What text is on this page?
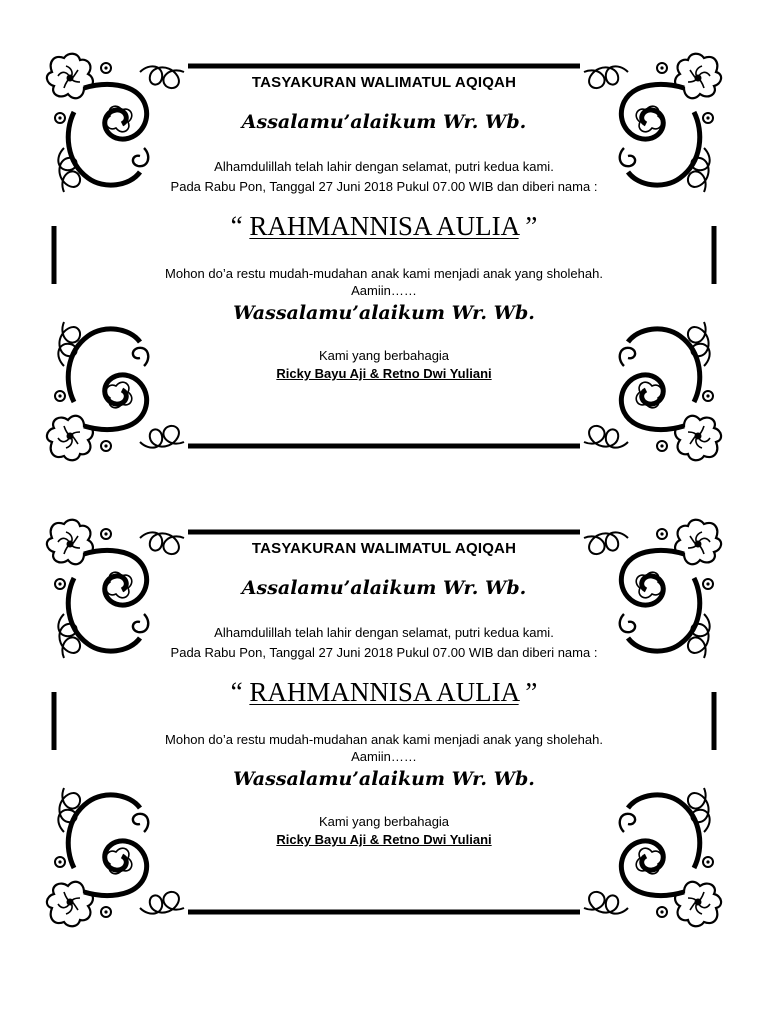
TASYAKURAN WALIMATUL AQIQAH
Assalamu’alaikum Wr. Wb.
Alhamdulillah telah lahir dengan selamat, putri kedua kami.
Pada Rabu Pon, Tanggal 27 Juni 2018 Pukul 07.00 WIB dan diberi nama :
“ RAHMANNISA AULIA ”
Mohon do’a restu mudah-mudahan anak kami menjadi anak yang sholehah.
Aamiin……
Wassalamu’alaikum Wr. Wb.
Kami yang berbahagia
Ricky Bayu Aji & Retno Dwi Yuliani
TASYAKURAN WALIMATUL AQIQAH
Assalamu’alaikum Wr. Wb.
Alhamdulillah telah lahir dengan selamat, putri kedua kami.
Pada Rabu Pon, Tanggal 27 Juni 2018 Pukul 07.00 WIB dan diberi nama :
“ RAHMANNISA AULIA ”
Mohon do’a restu mudah-mudahan anak kami menjadi anak yang sholehah.
Aamiin……
Wassalamu’alaikum Wr. Wb.
Kami yang berbahagia
Ricky Bayu Aji & Retno Dwi Yuliani
